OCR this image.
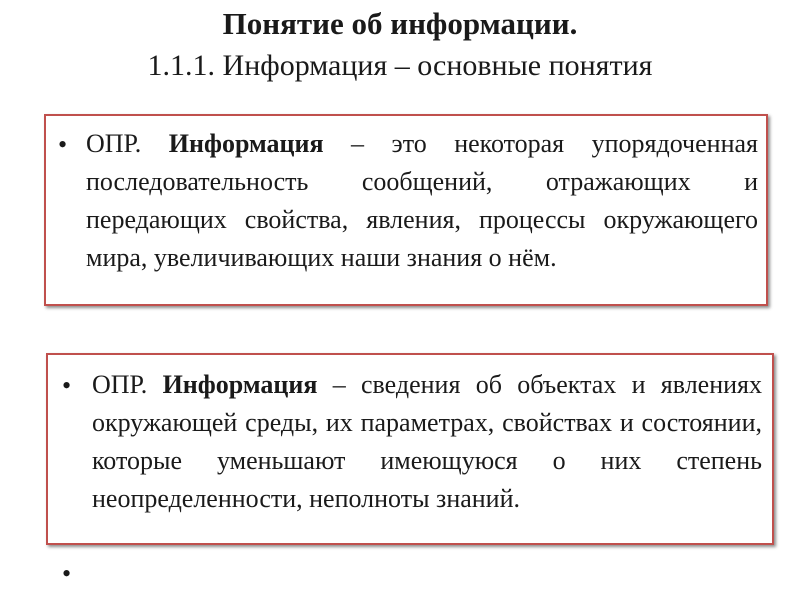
Понятие об информации.
1.1.1. Информация – основные понятия
• ОПР. Информация – это некоторая упорядоченная последовательность сообщений, отражающих и передающих свойства, явления, процессы окружающего мира, увеличивающих наши знания о нём.

• ОПР. Информация – сведения об объектах и явлениях окружающей среды, их параметрах, свойствах и состоянии, которые уменьшают имеющуюся о них степень неопределенности, неполноты знаний.

•
